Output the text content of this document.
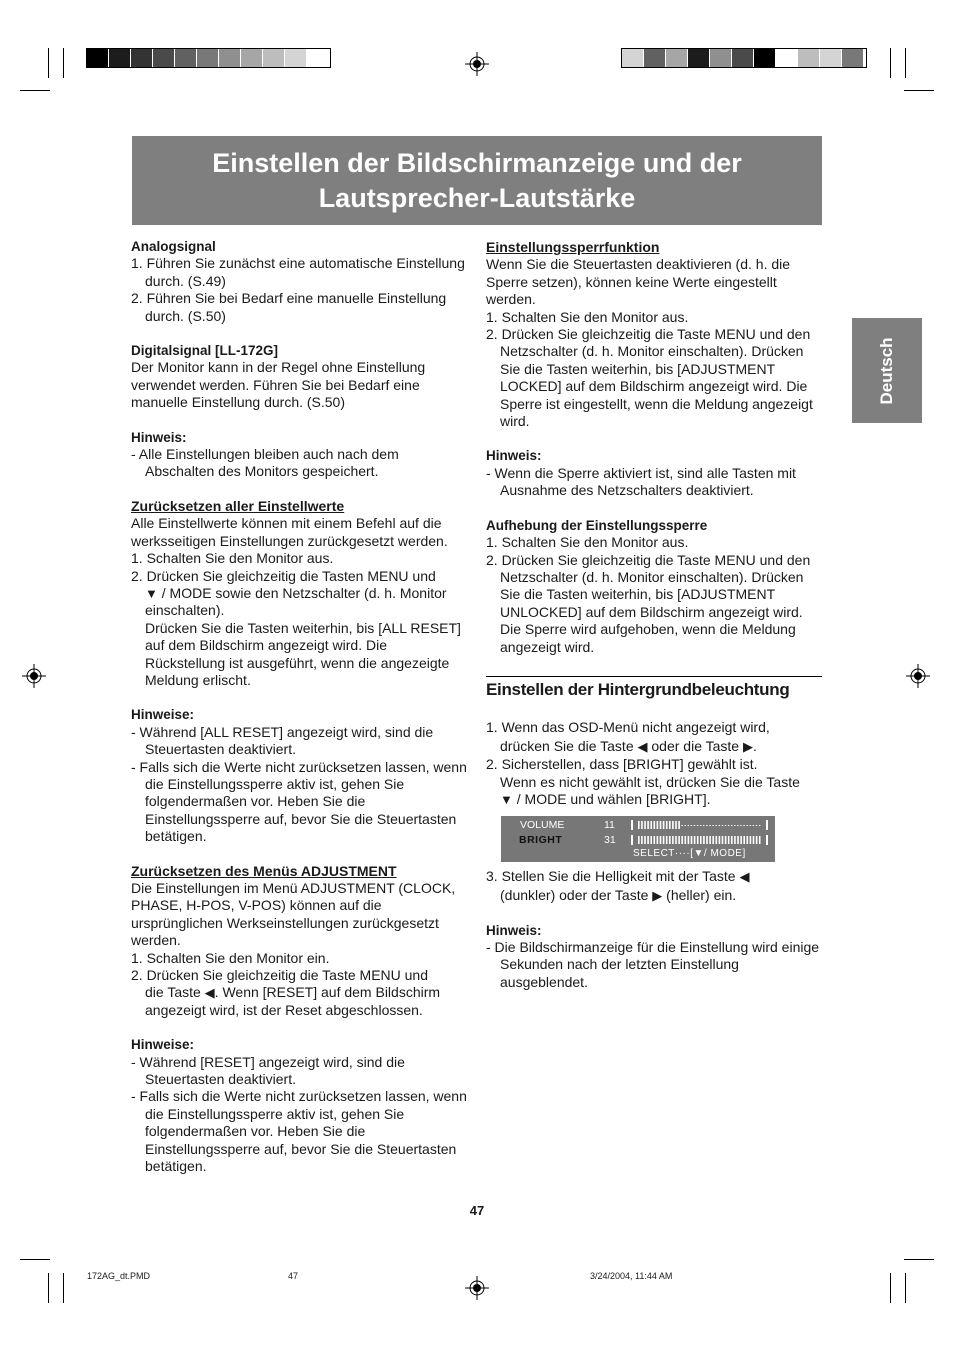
Einstellen der Bildschirmanzeige und der
Lautsprecher-Lautstärke
Deutsch

Analogsignal

1. Führen Sie zunächst eine automatische Einstellung durch. (S.49)

2. Führen Sie bei Bedarf eine manuelle Einstellung durch. (S.50)

Digitalsignal [LL-172G]

Der Monitor kann in der Regel ohne Einstellung verwendet werden. Führen Sie bei Bedarf eine manuelle Einstellung durch. (S.50)

Hinweis:

- Alle Einstellungen bleiben auch nach dem Abschalten des Monitors gespeichert.

Zurücksetzen aller Einstellwerte

Alle Einstellwerte können mit einem Befehl auf die werksseitigen Einstellungen zurückgesetzt werden.

1. Schalten Sie den Monitor aus.

2. Drücken Sie gleichzeitig die Tasten MENU und
▼ / MODE sowie den Netzschalter (d. h. Monitor einschalten).
Drücken Sie die Tasten weiterhin, bis [ALL RESET] auf dem Bildschirm angezeigt wird. Die Rückstellung ist ausgeführt, wenn die angezeigte Meldung erlischt.

Hinweise:

- Während [ALL RESET] angezeigt wird, sind die Steuertasten deaktiviert.

- Falls sich die Werte nicht zurücksetzen lassen, wenn die Einstellungssperre aktiv ist, gehen Sie folgendermaßen vor. Heben Sie die Einstellungssperre auf, bevor Sie die Steuertasten betätigen.

Zurücksetzen des Menüs ADJUSTMENT

Die Einstellungen im Menü ADJUSTMENT (CLOCK, PHASE, H-POS, V-POS) können auf die ursprünglichen Werkseinstellungen zurückgesetzt werden.

1. Schalten Sie den Monitor ein.

2. Drücken Sie gleichzeitig die Taste MENU und
die Taste ◀. Wenn [RESET] auf dem Bildschirm angezeigt wird, ist der Reset abgeschlossen.

Hinweise:

- Während [RESET] angezeigt wird, sind die Steuertasten deaktiviert.

- Falls sich die Werte nicht zurücksetzen lassen, wenn die Einstellungssperre aktiv ist, gehen Sie folgendermaßen vor. Heben Sie die Einstellungssperre auf, bevor Sie die Steuertasten betätigen.

Einstellungssperrfunktion

Wenn Sie die Steuertasten deaktivieren (d. h. die Sperre setzen), können keine Werte eingestellt werden.

1. Schalten Sie den Monitor aus.

2. Drücken Sie gleichzeitig die Taste MENU und den Netzschalter (d. h. Monitor einschalten). Drücken Sie die Tasten weiterhin, bis [ADJUSTMENT LOCKED] auf dem Bildschirm angezeigt wird. Die Sperre ist eingestellt, wenn die Meldung angezeigt wird.

Hinweis:

- Wenn die Sperre aktiviert ist, sind alle Tasten mit Ausnahme des Netzschalters deaktiviert.

Aufhebung der Einstellungssperre

1. Schalten Sie den Monitor aus.

2. Drücken Sie gleichzeitig die Taste MENU und den Netzschalter (d. h. Monitor einschalten). Drücken Sie die Tasten weiterhin, bis [ADJUSTMENT UNLOCKED] auf dem Bildschirm angezeigt wird. Die Sperre wird aufgehoben, wenn die Meldung angezeigt wird.

Einstellen der Hintergrundbeleuchtung

1. Wenn das OSD-Menü nicht angezeigt wird,
drücken Sie die Taste ◀ oder die Taste ▶.

2. Sicherstellen, dass [BRIGHT] gewählt ist.
Wenn es nicht gewählt ist, drücken Sie die Taste
▼ / MODE und wählen [BRIGHT].

3. Stellen Sie die Helligkeit mit der Taste ◀
(dunkler) oder der Taste ▶ (heller) ein.

Hinweis:

- Die Bildschirmanzeige für die Einstellung wird einige Sekunden nach der letzten Einstellung ausgeblendet.

VOLUME	11
BRIGHT	31
SELECT····[▼/ MODE]
47
172AG_dt.PMD	47	3/24/2004, 11:44 AM
